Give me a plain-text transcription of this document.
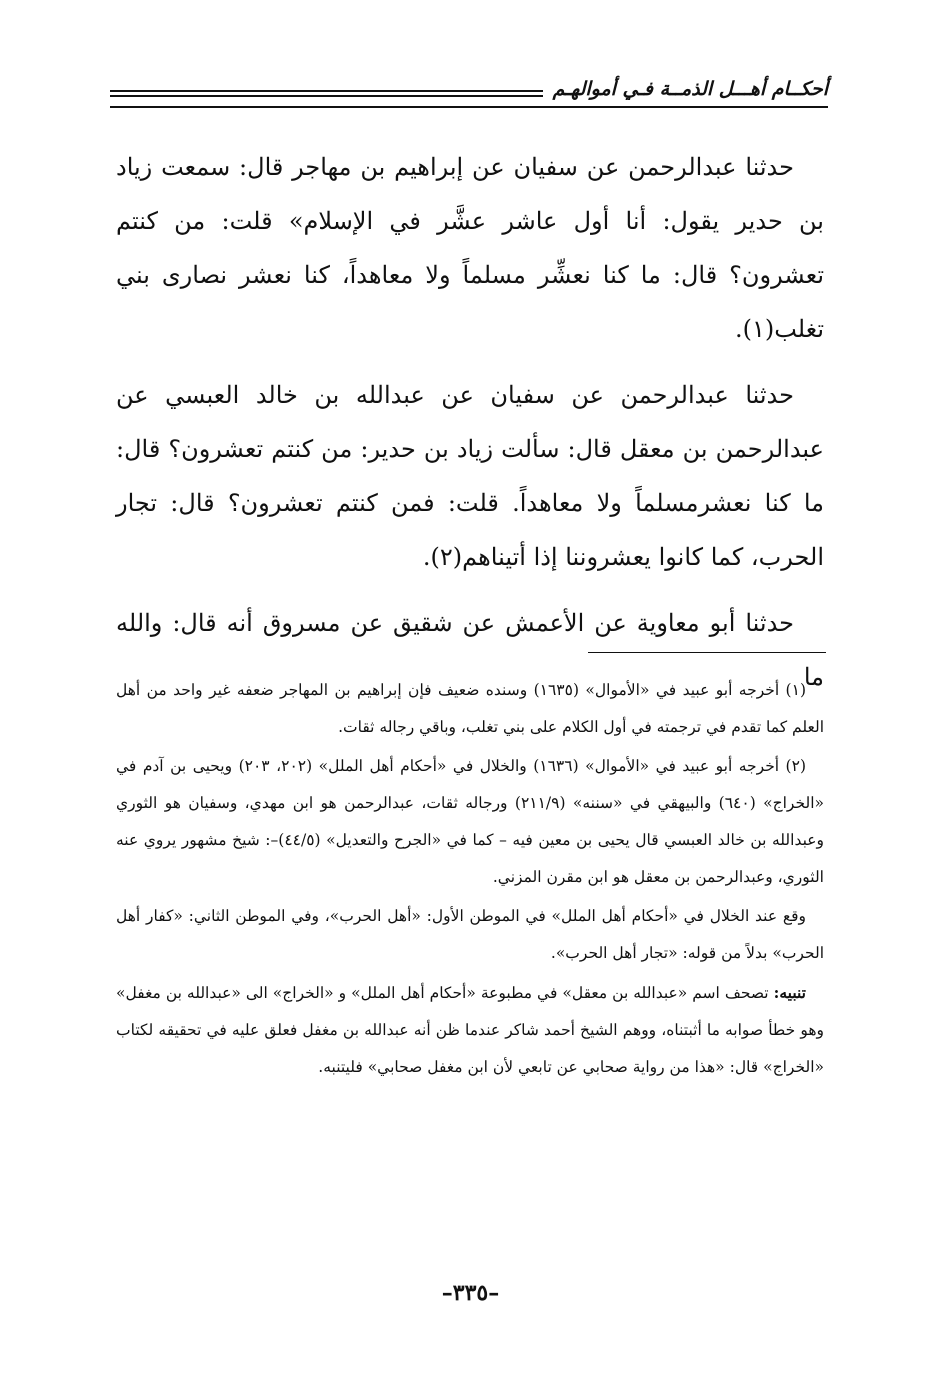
أحكــام أهـــل الذمــة فـي أموالهـم

حدثنا عبدالرحمن عن سفيان عن إبراهيم بن مهاجر قال: سمعت زياد بن حدير يقول: أنا أول عاشر عشَّر في الإسلام» قلت: من كنتم تعشرون؟ قال: ما كنا نعشِّر مسلماً ولا معاهداً، كنا نعشر نصارى بني تغلب(١).

حدثنا عبدالرحمن عن سفيان عن عبدالله بن خالد العبسي عن عبدالرحمن بن معقل قال: سألت زياد بن حدير: من كنتم تعشرون؟ قال: ما كنا نعشرمسلماً ولا معاهداً. قلت: فمن كنتم تعشرون؟ قال: تجار الحرب، كما كانوا يعشروننا إذا أتيناهم(٢).

حدثنا أبو معاوية عن الأعمش عن شقيق عن مسروق أنه قال: والله ما

(١) أخرجه أبو عبيد في «الأموال» (١٦٣٥) وسنده ضعيف فإن إبراهيم بن المهاجر ضعفه غير واحد من أهل العلم كما تقدم في ترجمته في أول الكلام على بني تغلب، وباقي رجاله ثقات.

(٢) أخرجه أبو عبيد في «الأموال» (١٦٣٦) والخلال في «أحكام أهل الملل» (٢٠٢، ٢٠٣) ويحيى بن آدم في «الخراج» (٦٤٠) والبيهقي في «سننه» (٢١١/٩) ورجاله ثقات، عبدالرحمن هو ابن مهدي، وسفيان هو الثوري وعبدالله بن خالد العبسي قال يحيى بن معين فيه – كما في «الجرح والتعديل» (٤٤/٥)–: شيخ مشهور يروي عنه الثوري، وعبدالرحمن بن معقل هو ابن مقرن المزني.

وقع عند الخلال في «أحكام أهل الملل» في الموطن الأول: «أهل الحرب»، وفي الموطن الثاني: «كفار أهل الحرب» بدلاً من قوله: «تجار أهل الحرب».

تنبيه: تصحف اسم «عبدالله بن معقل» في مطبوعة «أحكام أهل الملل» و «الخراج» الى «عبدالله بن مغفل» وهو خطأ صوابه ما أثبتناه، ووهم الشيخ أحمد شاكر عندما ظن أنه عبدالله بن مغفل فعلق عليه في تحقيقه لكتاب «الخراج» قال: «هذا من رواية صحابي عن تابعي لأن ابن مغفل صحابي» فليتنبه.

–٣٣٥–
